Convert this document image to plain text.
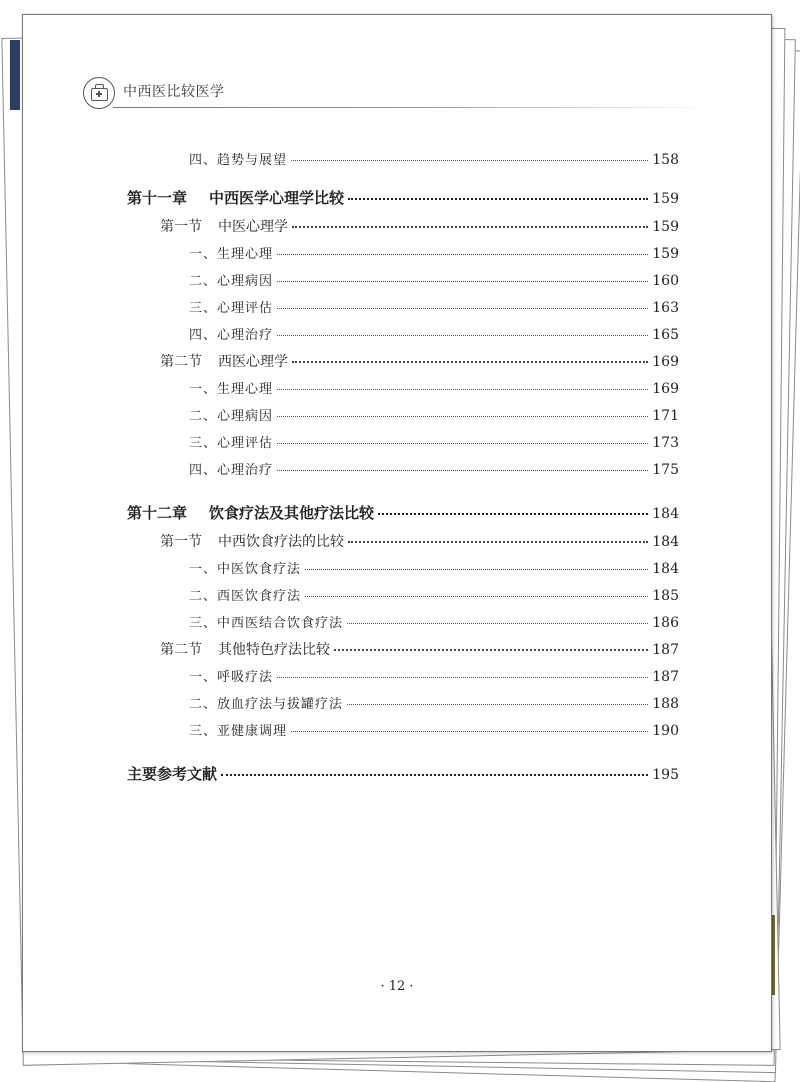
中西医比较医学
四、趋势与展望	158
第十一章 中西医学心理学比较	159
第一节 中医心理学	159
一、生理心理	159
二、心理病因	160
三、心理评估	163
四、心理治疗	165
第二节 西医心理学	169
一、生理心理	169
二、心理病因	171
三、心理评估	173
四、心理治疗	175
第十二章 饮食疗法及其他疗法比较	184
第一节 中西饮食疗法的比较	184
一、中医饮食疗法	184
二、西医饮食疗法	185
三、中西医结合饮食疗法	186
第二节 其他特色疗法比较	187
一、呼吸疗法	187
二、放血疗法与拔罐疗法	188
三、亚健康调理	190
主要参考文献	195
· 12 ·
